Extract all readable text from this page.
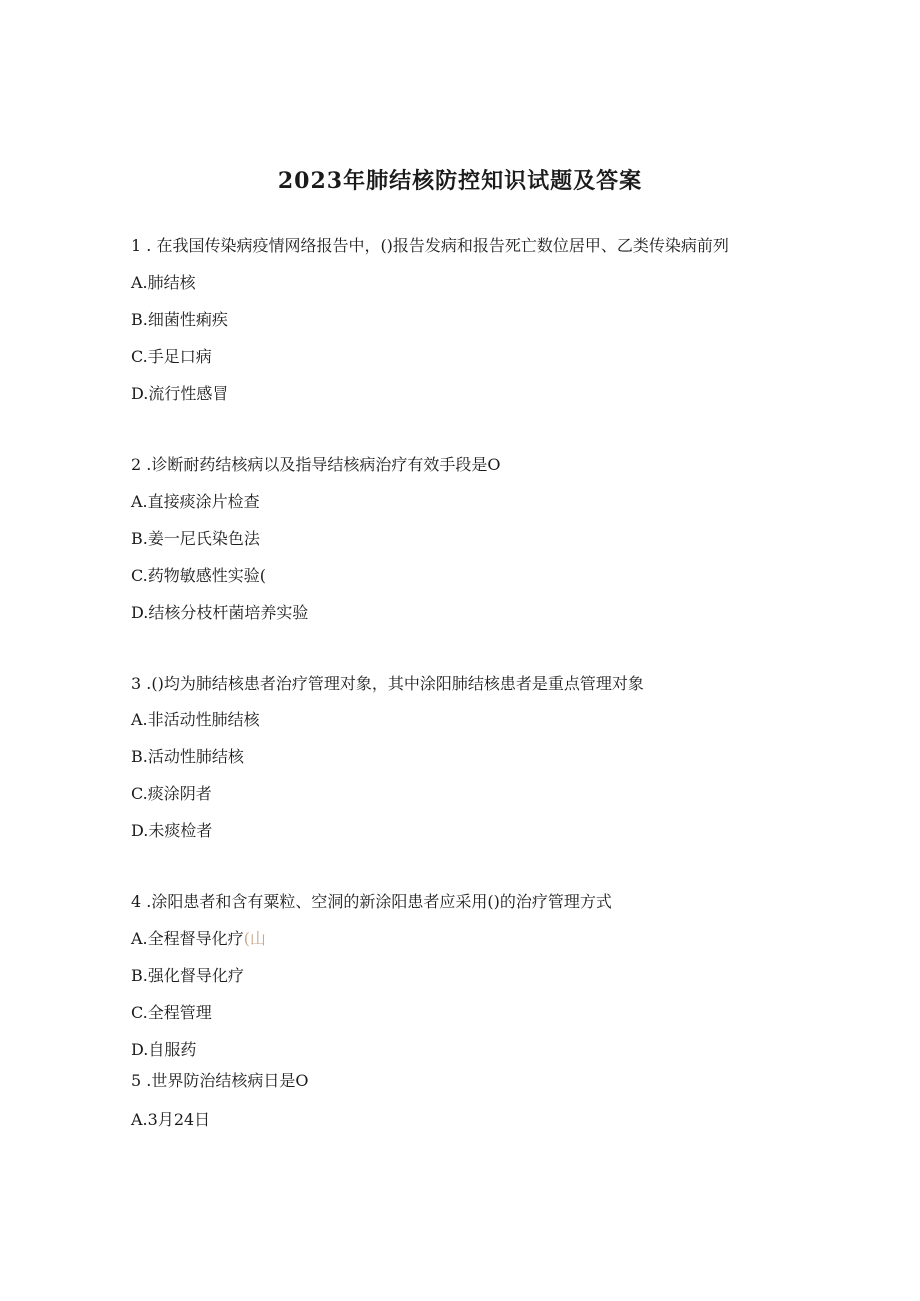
2023年肺结核防控知识试题及答案
1 . 在我国传染病疫情网络报告中，()报告发病和报告死亡数位居甲、乙类传染病前列
A.肺结核
B.细菌性痢疾
C.手足口病
D.流行性感冒
2 .诊断耐药结核病以及指导结核病治疗有效手段是O
A.直接痰涂片检查
B.姜一尼氏染色法
C.药物敏感性实验(
D.结核分枝杆菌培养实验
3 .()均为肺结核患者治疗管理对象，其中涂阳肺结核患者是重点管理对象
A.非活动性肺结核
B.活动性肺结核
C.痰涂阴者
D.未痰检者
4 .涂阳患者和含有粟粒、空洞的新涂阳患者应采用()的治疗管理方式
A.全程督导化疗(山
B.强化督导化疗
C.全程管理
D.自服药
5 .世界防治结核病日是O
A.3月24日
